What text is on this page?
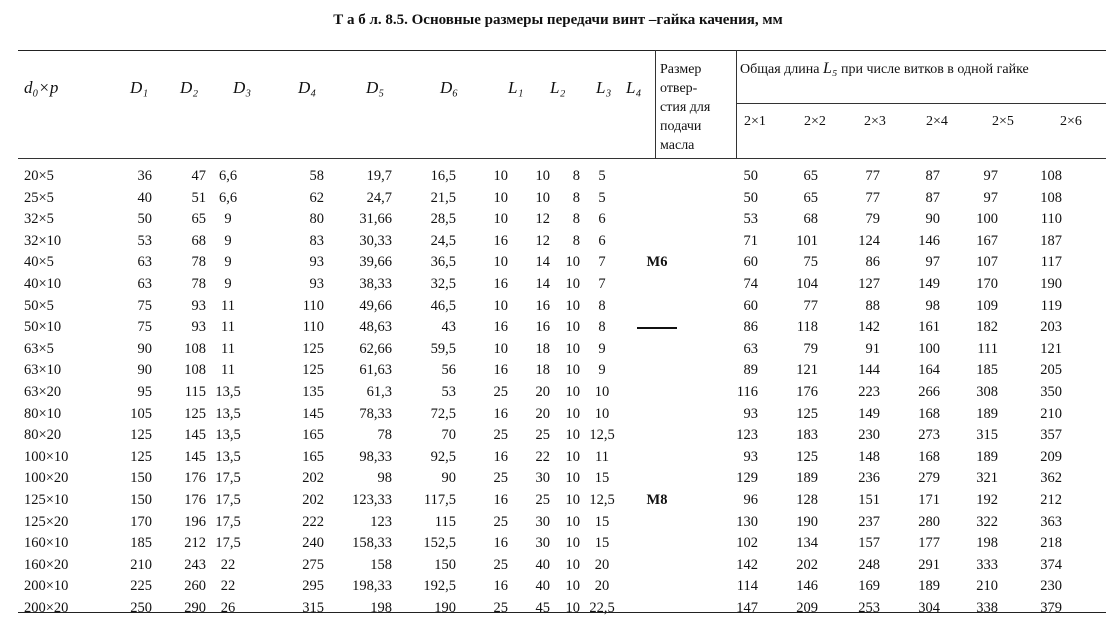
Т а б л. 8.5. Основные размеры передачи винт –гайка качения, мм
d₀×p	D₁ D₂ D₃	D₄	D₅	D₆	L₁ L₂ L₃ L₄
Размер
отвер-
стия для
подачи
масла
Общая длина L₅ при числе витков в одной гайке
2×1	2×2	2×3	2×4	2×5	2×6
20×5	36	47	6,6	58	19,7	16,5	10	10	8	5		50	65	77	87	97	108
25×5	40	51	6,6	62	24,7	21,5	10	10	8	5		50	65	77	87	97	108
32×5	50	65	9	80	31,66	28,5	10	12	8	6		53	68	79	90	100	110
32×10	53	68	9	83	30,33	24,5	16	12	8	6		71	101	124	146	167	187
40×5	63	78	9	93	39,66	36,5	10	14	10	7	М6	60	75	86	97	107	117
40×10	63	78	9	93	38,33	32,5	16	14	10	7		74	104	127	149	170	190
50×5	75	93	11	110	49,66	46,5	10	16	10	8		60	77	88	98	109	119
50×10	75	93	11	110	48,63	43	16	16	10	8		86	118	142	161	182	203
63×5	90	108	11	125	62,66	59,5	10	18	10	9		63	79	91	100	111	121
63×10	90	108	11	125	61,63	56	16	18	10	9		89	121	144	164	185	205
63×20	95	115	13,5	135	61,3	53	25	20	10	10		116	176	223	266	308	350
80×10	105	125	13,5	145	78,33	72,5	16	20	10	10		93	125	149	168	189	210
80×20	125	145	13,5	165	78	70	25	25	10	12,5		123	183	230	273	315	357
100×10	125	145	13,5	165	98,33	92,5	16	22	10	11		93	125	148	168	189	209
100×20	150	176	17,5	202	98	90	25	30	10	15		129	189	236	279	321	362
125×10	150	176	17,5	202	123,33	117,5	16	25	10	12,5	М8	96	128	151	171	192	212
125×20	170	196	17,5	222	123	115	25	30	10	15		130	190	237	280	322	363
160×10	185	212	17,5	240	158,33	152,5	16	30	10	15		102	134	157	177	198	218
160×20	210	243	22	275	158	150	25	40	10	20		142	202	248	291	333	374
200×10	225	260	22	295	198,33	192,5	16	40	10	20		114	146	169	189	210	230
200×20	250	290	26	315	198	190	25	45	10	22,5		147	209	253	304	338	379
